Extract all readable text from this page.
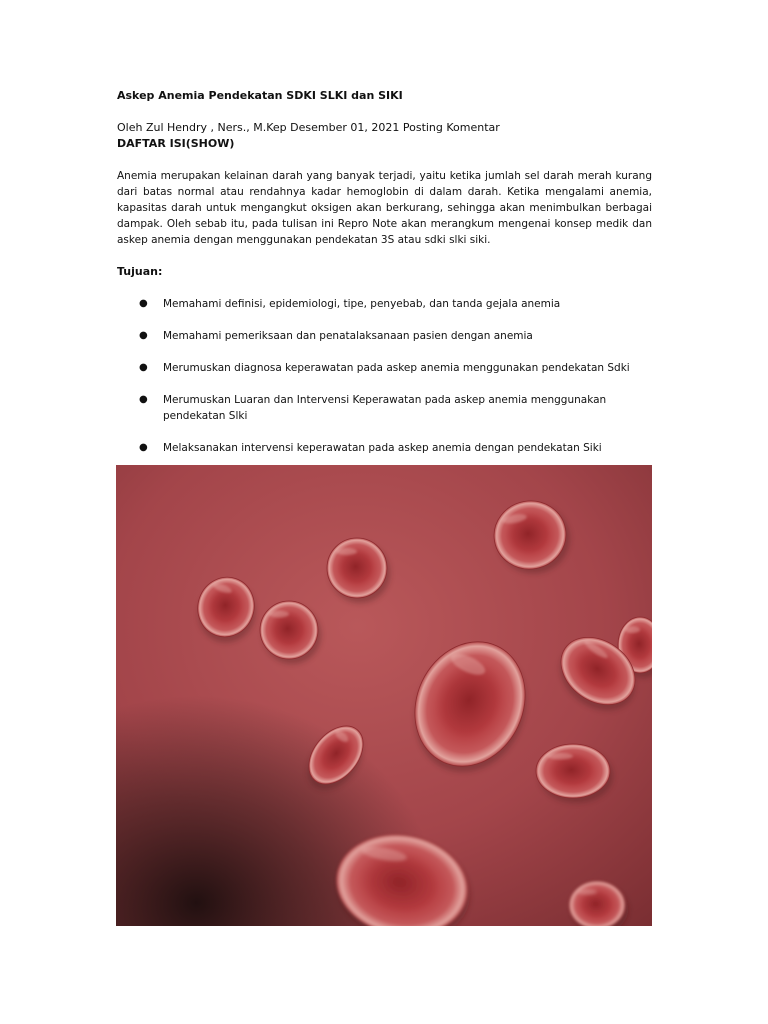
Askep Anemia Pendekatan SDKI SLKI dan SIKI

Oleh Zul Hendry , Ners., M.Kep Desember 01, 2021 Posting Komentar

DAFTAR ISI(SHOW)

Anemia merupakan kelainan darah yang banyak terjadi, yaitu ketika jumlah sel darah merah kurang dari batas normal atau rendahnya kadar hemoglobin di dalam darah. Ketika mengalami anemia, kapasitas darah untuk mengangkut oksigen akan berkurang, sehingga akan menimbulkan berbagai dampak. Oleh sebab itu, pada tulisan ini Repro Note akan merangkum mengenai konsep medik dan askep anemia dengan menggunakan pendekatan 3S atau sdki slki siki.

Tujuan:

● Memahami definisi, epidemiologi, tipe, penyebab, dan tanda gejala anemia
● Memahami pemeriksaan dan penatalaksanaan pasien dengan anemia
● Merumuskan diagnosa keperawatan pada askep anemia menggunakan pendekatan Sdki
● Merumuskan Luaran dan Intervensi Keperawatan pada askep anemia menggunakan pendekatan Slki
● Melaksanakan intervensi keperawatan pada askep anemia dengan pendekatan Siki
